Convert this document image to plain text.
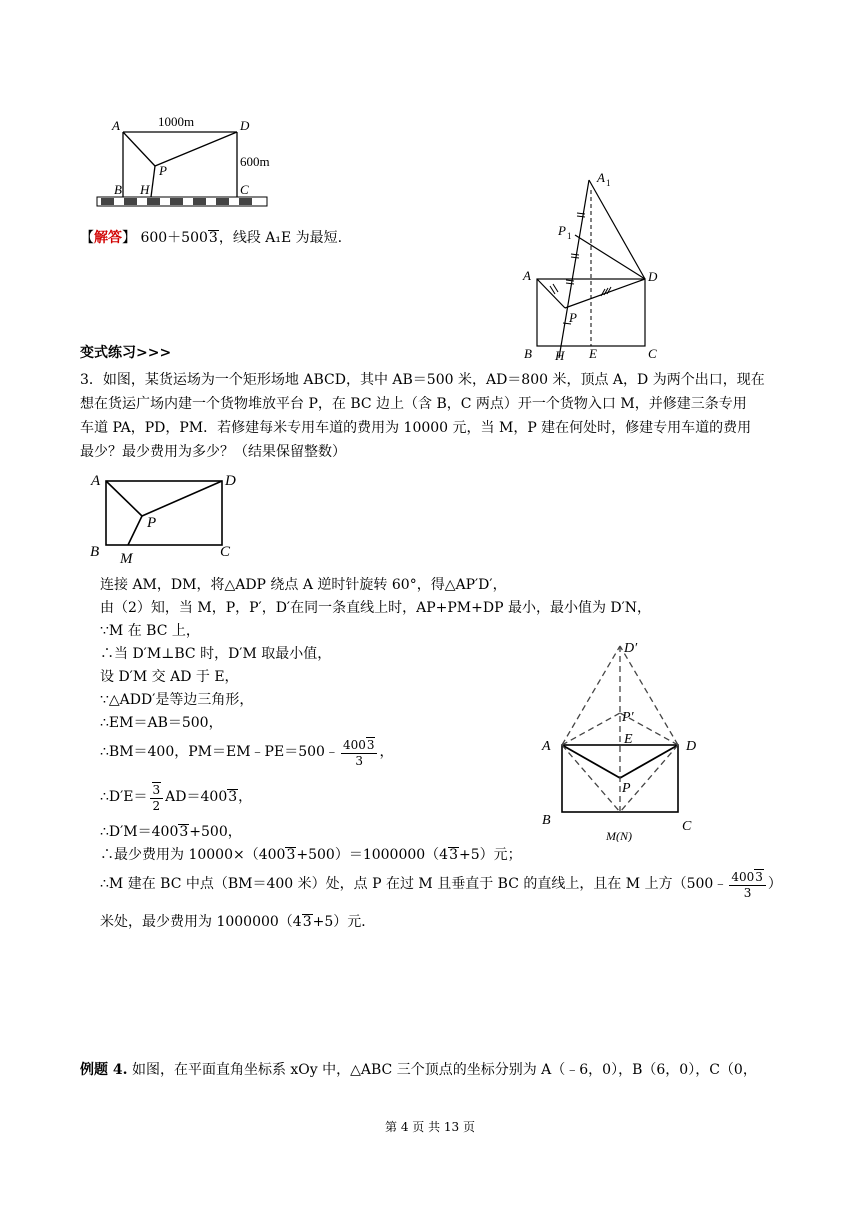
A	1000m	D
600m
P
B H	C
【解答】 600＋5003，线段 A₁E 为最短.
A 1
P 1
A	D
P
B H E	C
变式练习>>>
3．如图，某货运场为一个矩形场地 ABCD，其中 AB＝500 米，AD＝800 米，顶点 A，D 为两个出口，现在
想在货运广场内建一个货物堆放平台 P，在 BC 边上（含 B，C 两点）开一个货物入口 M，并修建三条专用
车道 PA，PD，PM．若修建每米专用车道的费用为 10000 元，当 M，P 建在何处时，修建专用车道的费用
最少？最少费用为多少？（结果保留整数）
A	D
P
B M	C
连接 AM，DM，将△ADP 绕点 A 逆时针旋转 60°，得△AP′D′，
由（2）知，当 M，P，P′，D′在同一条直线上时，AP+PM+DP 最小，最小值为 D′N，
∵M 在 BC 上，
∴当 D′M⊥BC 时，D′M 取最小值，
设 D′M 交 AD 于 E，
∵△ADD′是等边三角形，
∴EM＝AB＝500，
∴BM＝400，PM＝EM﹣PE＝500﹣ $\frac{4003}{3}$ ，
∴D′E＝ $\frac{3}{2} AD=4003$，
∴D′M＝4003+500，
∴最少费用为 10000×（4003+500）＝1000000（43+5）元；
∴M 建在 BC 中点（BM＝400 米）处，点 P 在过 M 且垂直于 BC 的直线上，且在 M 上方（500﹣ $\frac{4003}{3}$ ）
米处，最少费用为 1000000（43+5）元．
D′
P′
E
A	D
P
B
M(N)
C
例题 4. 如图，在平面直角坐标系 xOy 中，△ABC 三个顶点的坐标分别为 A（﹣6，0），B（6，0），C（0，
第 4 页 共 13 页
